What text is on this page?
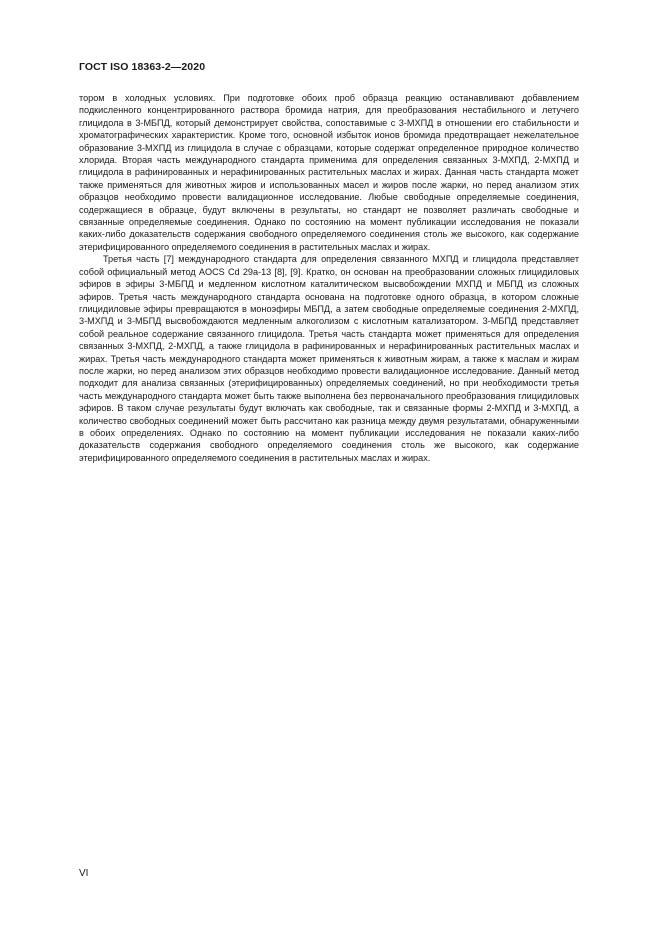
ГОСТ ISO 18363-2—2020

тором в холодных условиях. При подготовке обоих проб образца реакцию останавливают добавлением подкисленного концентрированного раствора бромида натрия, для преобразования нестабильного и летучего глицидола в 3-МБПД, который демонстрирует свойства, сопоставимые с 3-МХПД в отношении его стабильности и хроматографических характеристик. Кроме того, основной избыток ионов бромида предотвращает нежелательное образование 3-МХПД из глицидола в случае с образцами, которые содержат определенное природное количество хлорида. Вторая часть международного стандарта применима для определения связанных 3-МХПД, 2-МХПД и глицидола в рафинированных и нерафинированных растительных маслах и жирах. Данная часть стандарта может также применяться для животных жиров и использованных масел и жиров после жарки, но перед анализом этих образцов необходимо провести валидационное исследование. Любые свободные определяемые соединения, содержащиеся в образце, будут включены в результаты, но стандарт не позволяет различать свободные и связанные определяемые соединения. Однако по состоянию на момент публикации исследования не показали каких-либо доказательств содержания свободного определяемого соединения столь же высокого, как содержание этерифицированного определяемого соединения в растительных маслах и жирах.

Третья часть [7] международного стандарта для определения связанного МХПД и глицидола представляет собой официальный метод AOCS Cd 29a-13 [8], [9]. Кратко, он основан на преобразовании сложных глицидиловых эфиров в эфиры 3-МБПД и медленном кислотном каталитическом высвобождении МХПД и МБПД из сложных эфиров. Третья часть международного стандарта основана на подготовке одного образца, в котором сложные глицидиловые эфиры превращаются в моноэфиры МБПД, а затем свободные определяемые соединения 2-МХПД, 3-МХПД и 3-МБПД высвобождаются медленным алкоголизом с кислотным катализатором. 3-МБПД представляет собой реальное содержание связанного глицидола. Третья часть стандарта может применяться для определения связанных 3-МХПД, 2-МХПД, а также глицидола в рафинированных и нерафинированных растительных маслах и жирах. Третья часть международного стандарта может применяться к животным жирам, а также к маслам и жирам после жарки, но перед анализом этих образцов необходимо провести валидационное исследование. Данный метод подходит для анализа связанных (этерифицированных) определяемых соединений, но при необходимости третья часть международного стандарта может быть также выполнена без первоначального преобразования глицидиловых эфиров. В таком случае результаты будут включать как свободные, так и связанные формы 2-МХПД и 3-МХПД, а количество свободных соединений может быть рассчитано как разница между двумя результатами, обнаруженными в обоих определениях. Однако по состоянию на момент публикации исследования не показали каких-либо доказательств содержания свободного определяемого соединения столь же высокого, как содержание этерифицированного определяемого соединения в растительных маслах и жирах.

VI
